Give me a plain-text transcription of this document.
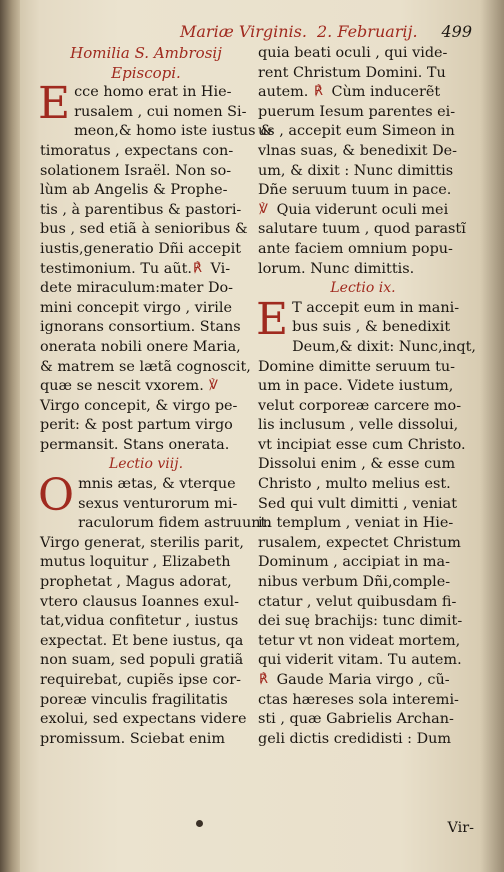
Mariæ Virginis. 2. Februarij. 499
Homilia S. Ambrosij
Episcopi.
E cce homo erat in Hie-
rusalem , cui nomen Si-
meon,& homo iste iustus &
timoratus , expectans con-
solationem Israël. Non so-
lùm ab Angelis & Prophe-
tis , à parentibus & pastori-
bus , sed etiã à senioribus &
iustis,generatio Dñi accepit
testimonium. Tu aũt. ℟ Vi-
dete miraculum:mater Do-
mini concepit virgo , virile
ignorans consortium. Stans
onerata nobili onere Maria,
& matrem se lætã cognoscit,
quæ se nescit vxorem. ℣
Virgo concepit, & virgo pe-
perit: & post partum virgo
permansit. Stans onerata.
Lectio viij.
O mnis ætas, & vterque
sexus venturorum mi-
raculorum fidem astruunt.
Virgo generat, sterilis parit,
mutus loquitur , Elizabeth
prophetat , Magus adorat,
vtero clausus Ioannes exul-
tat,vidua confitetur , iustus
expectat. Et bene iustus, qa
non suam, sed populi gratiã
requirebat, cupiẽs ipse cor-
poreæ vinculis fragilitatis
exolui, sed expectans videre
promissum. Sciebat enim
quia beati oculi , qui vide-
rent Christum Domini. Tu
autem. ℟ Cùm inducerẽt
puerum Iesum parentes ei-
us , accepit eum Simeon in
vlnas suas, & benedixit De-
um, & dixit : Nunc dimittis
Dñe seruum tuum in pace.
℣ Quia viderunt oculi mei
salutare tuum , quod parastĩ
ante faciem omnium popu-
lorum. Nunc dimittis.
Lectio ix.
E T accepit eum in mani-
bus suis , & benedixit
Deum,& dixit: Nunc,inqt,
Domine dimitte seruum tu-
um in pace. Videte iustum,
velut corporeæ carcere mo-
lis inclusum , velle dissolui,
vt incipiat esse cum Christo.
Dissolui enim , & esse cum
Christo , multo melius est.
Sed qui vult dimitti , veniat
in templum , veniat in Hie-
rusalem, expectet Christum
Dominum , accipiat in ma-
nibus verbum Dñi,comple-
ctatur , velut quibusdam fi-
dei suę brachijs: tunc dimit-
tetur vt non videat mortem,
qui viderit vitam. Tu autem.
℟ Gaude Maria virgo , cũ-
ctas hæreses sola interemi-
sti , quæ Gabrielis Archan-
geli dictis credidisti : Dum
Vir-
